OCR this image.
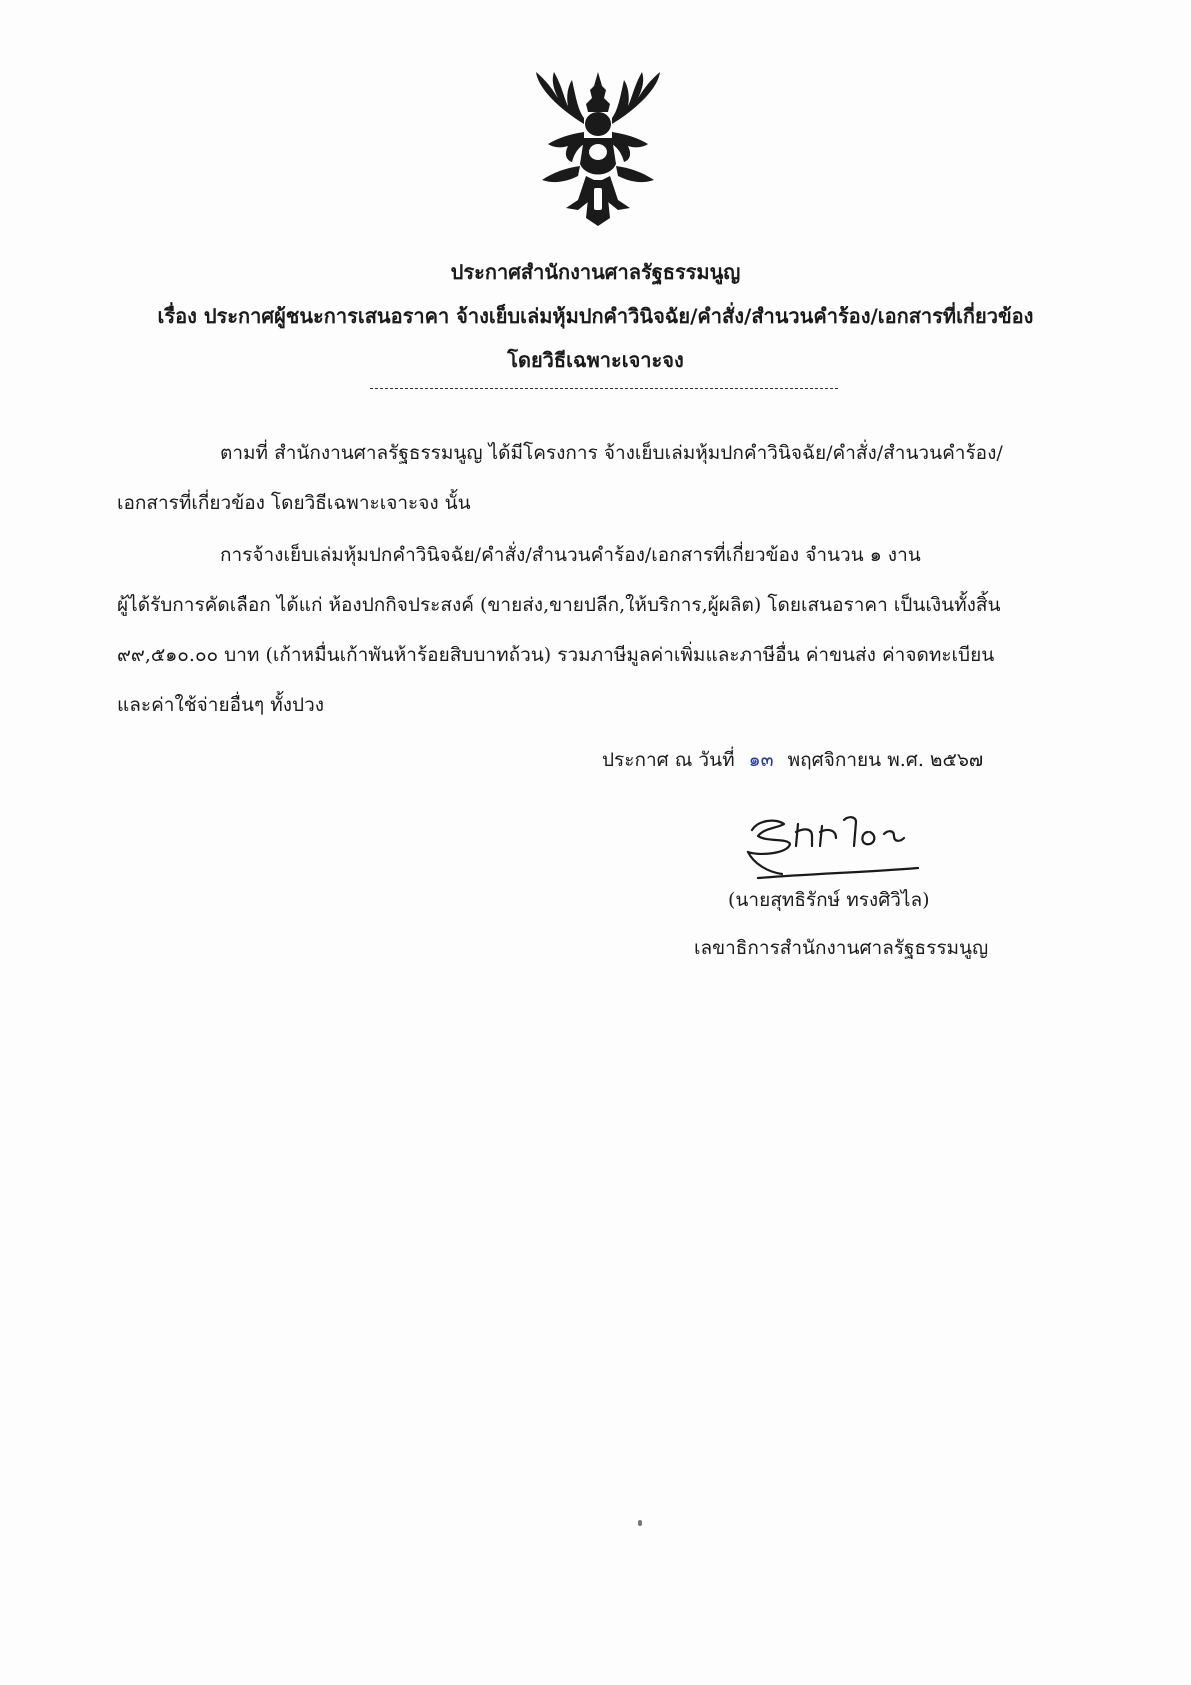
ประกาศสำนักงานศาลรัฐธรรมนูญ
เรื่อง ประกาศผู้ชนะการเสนอราคา จ้างเย็บเล่มหุ้มปกคำวินิจฉัย/คำสั่ง/สำนวนคำร้อง/เอกสารที่เกี่ยวข้อง
โดยวิธีเฉพาะเจาะจง
ตามที่ สำนักงานศาลรัฐธรรมนูญ ได้มีโครงการ จ้างเย็บเล่มหุ้มปกคำวินิจฉัย/คำสั่ง/สำนวนคำร้อง/
เอกสารที่เกี่ยวข้อง โดยวิธีเฉพาะเจาะจง นั้น
การจ้างเย็บเล่มหุ้มปกคำวินิจฉัย/คำสั่ง/สำนวนคำร้อง/เอกสารที่เกี่ยวข้อง จำนวน ๑ งาน
ผู้ได้รับการคัดเลือก ได้แก่ ห้องปกกิจประสงค์ (ขายส่ง,ขายปลีก,ให้บริการ,ผู้ผลิต) โดยเสนอราคา เป็นเงินทั้งสิ้น
๙๙,๕๑๐.๐๐ บาท (เก้าหมื่นเก้าพันห้าร้อยสิบบาทถ้วน) รวมภาษีมูลค่าเพิ่มและภาษีอื่น ค่าขนส่ง ค่าจดทะเบียน
และค่าใช้จ่ายอื่นๆ ทั้งปวง
ประกาศ ณ วันที่ ๑๓ พฤศจิกายน พ.ศ. ๒๕๖๗
(นายสุทธิรักษ์ ทรงศิวิไล)
เลขาธิการสำนักงานศาลรัฐธรรมนูญ
